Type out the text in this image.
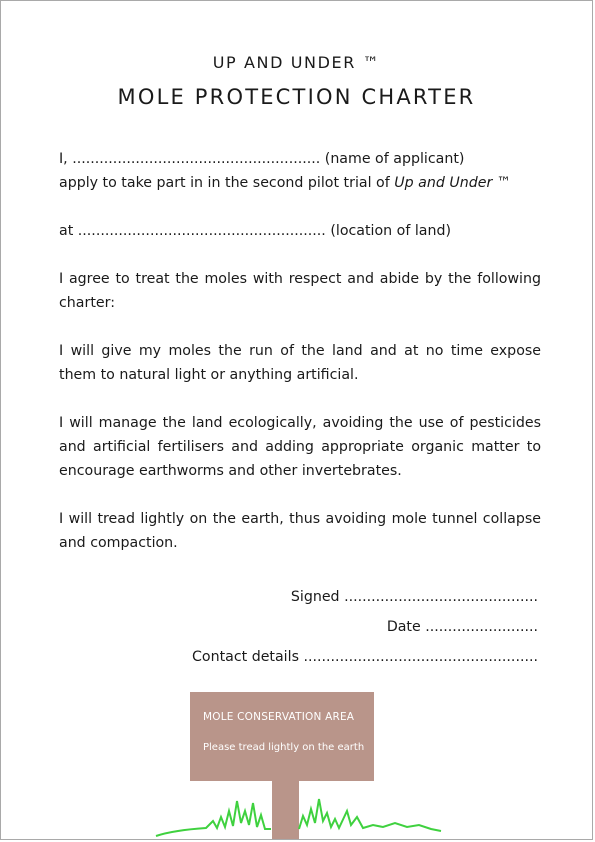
UP AND UNDER ™
MOLE PROTECTION CHARTER

I, ....................................................... (name of applicant)
apply to take part in in the second pilot trial of Up and Under ™

at ....................................................... (location of land)

I agree to treat the moles with respect and abide by the following charter:

I will give my moles the run of the land and at no time expose them to natural light or anything artificial.

I will manage the land ecologically, avoiding the use of pesticides and artificial fertilisers and adding appropriate organic matter to encourage earthworms and other invertebrates.

I will tread lightly on the earth, thus avoiding mole tunnel collapse and compaction.

Signed ...........................................
Date .........................
Contact details ....................................................
MOLE CONSERVATION AREA
Please tread lightly on the earth
